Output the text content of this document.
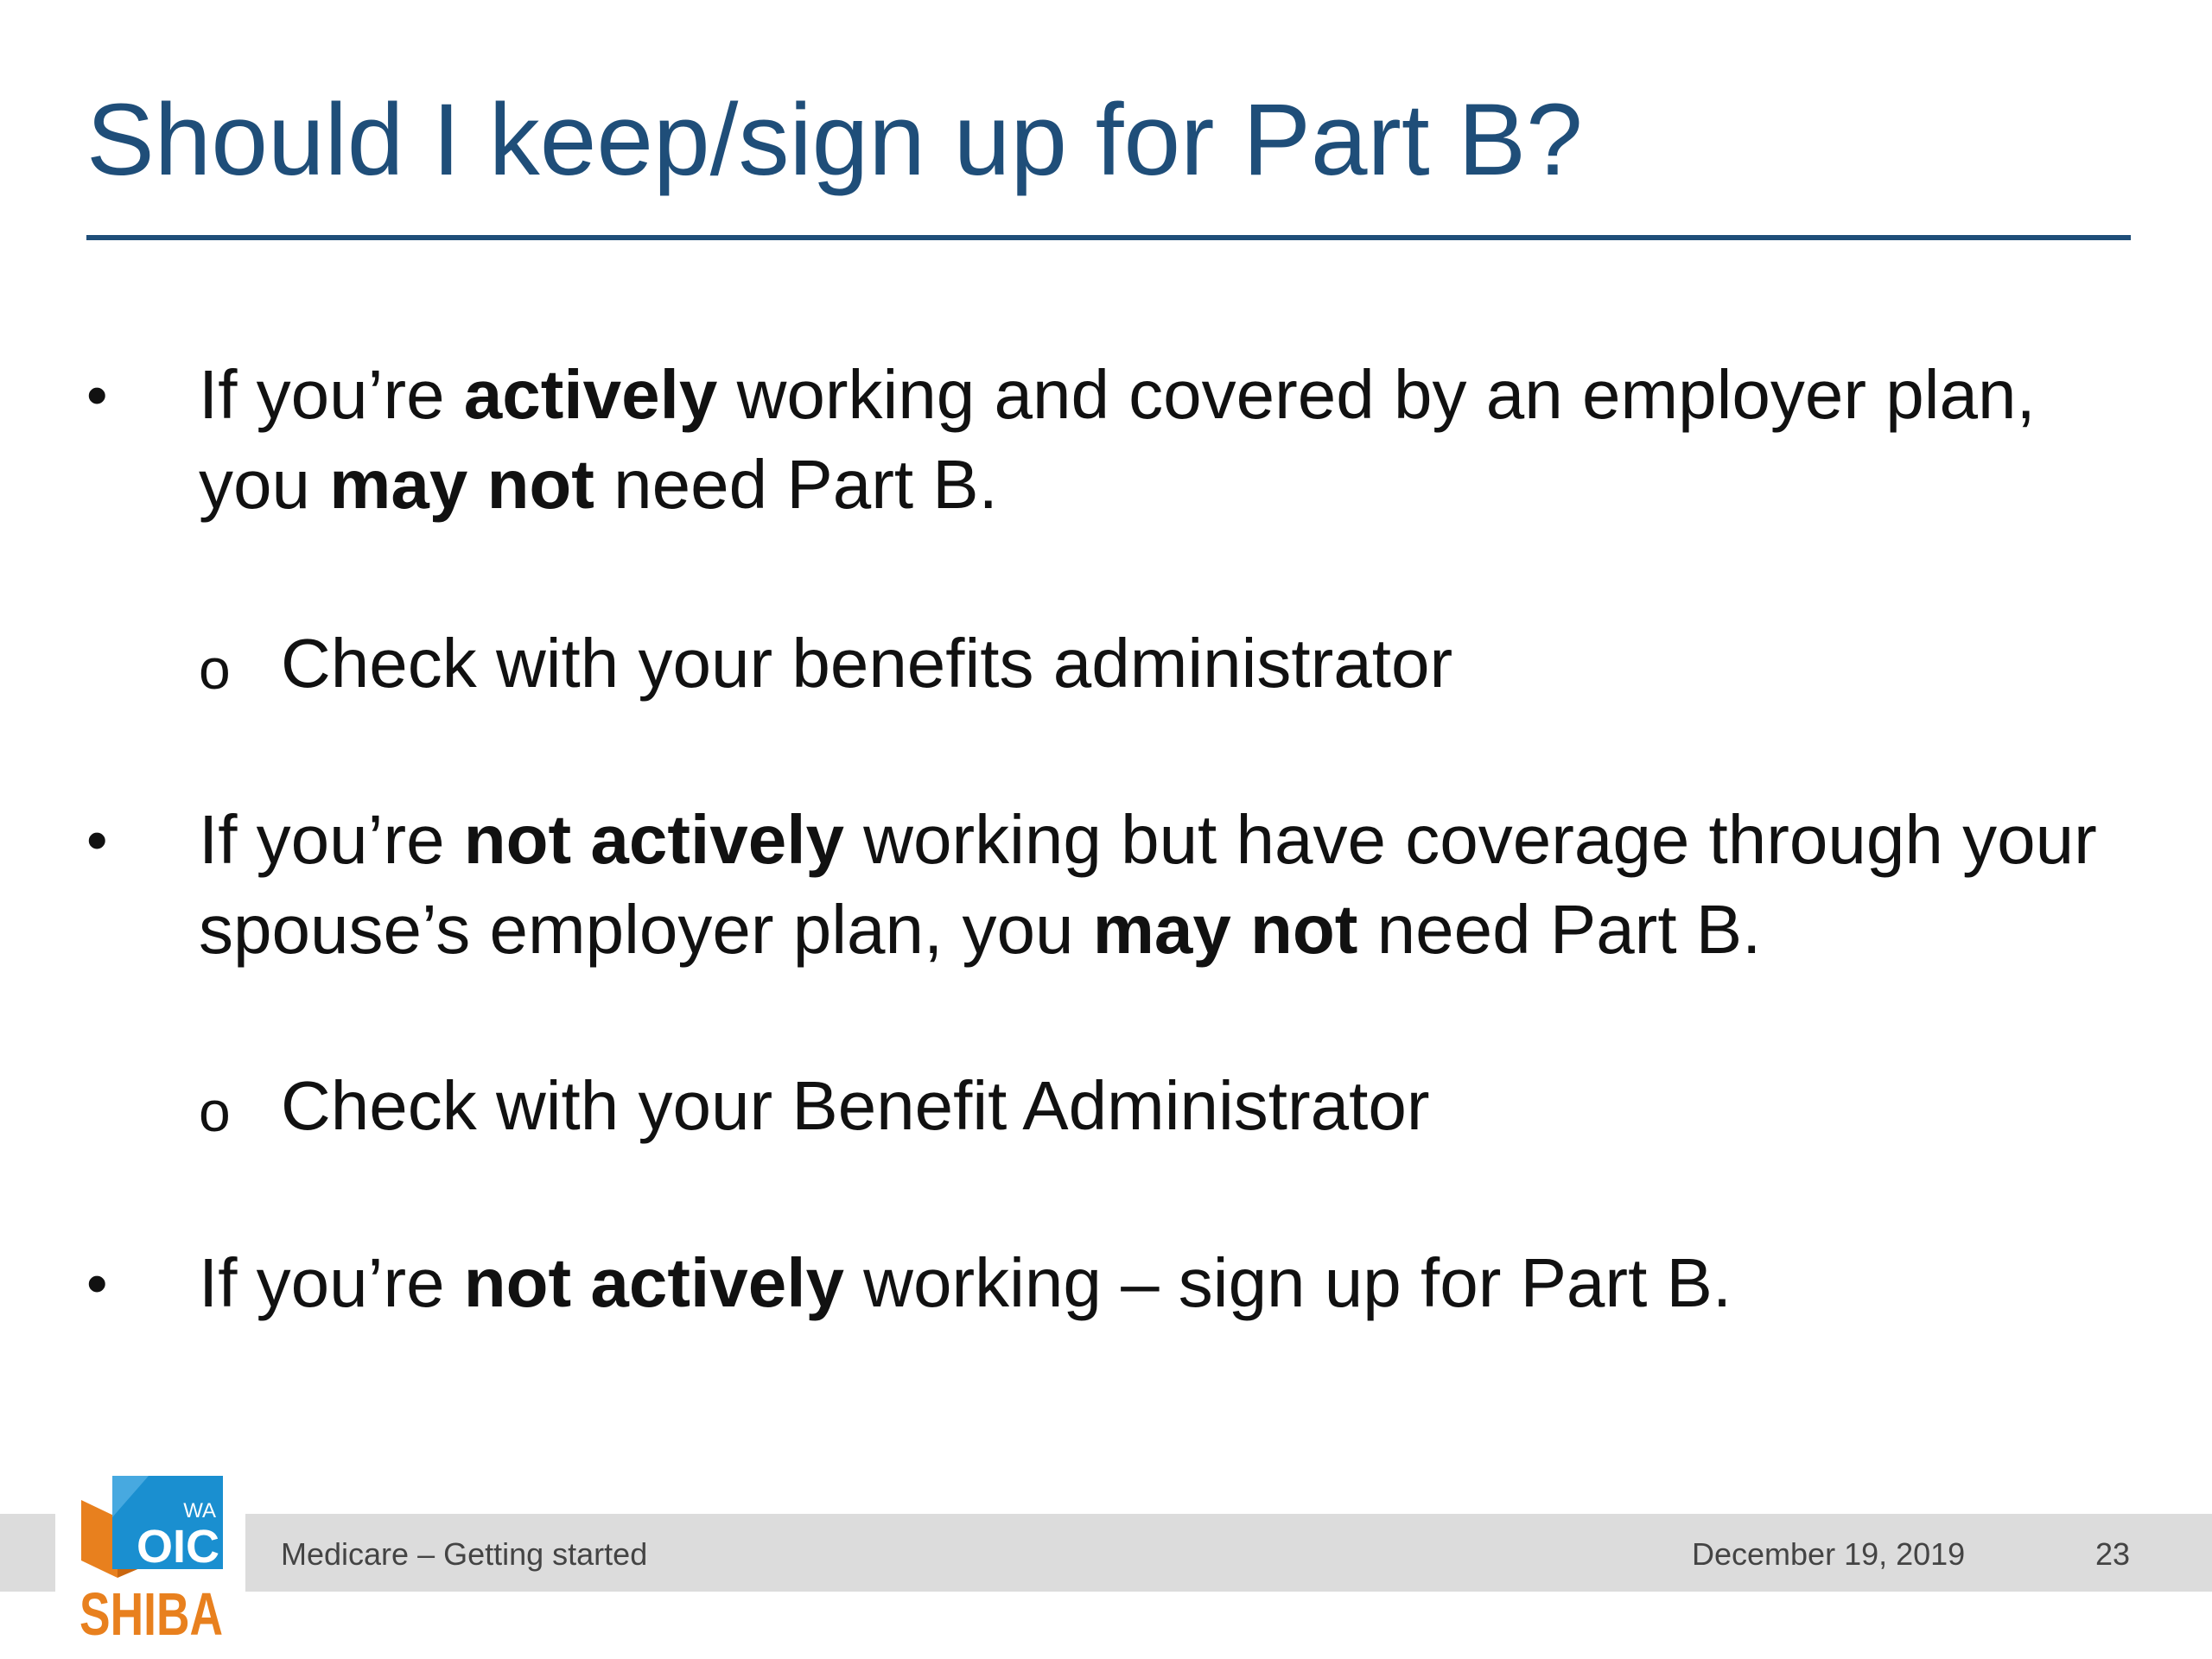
Should I keep/sign up for Part B?
• If you’re actively working and covered by an employer plan, you may not need Part B.
o Check with your benefits administrator
• If you’re not actively working but have coverage through your spouse’s employer plan, you may not need Part B.
o Check with your Benefit Administrator
• If you’re not actively working – sign up for Part B.
Medicare – Getting started	December 19, 2019	23
WA
OIC
SHIBA
